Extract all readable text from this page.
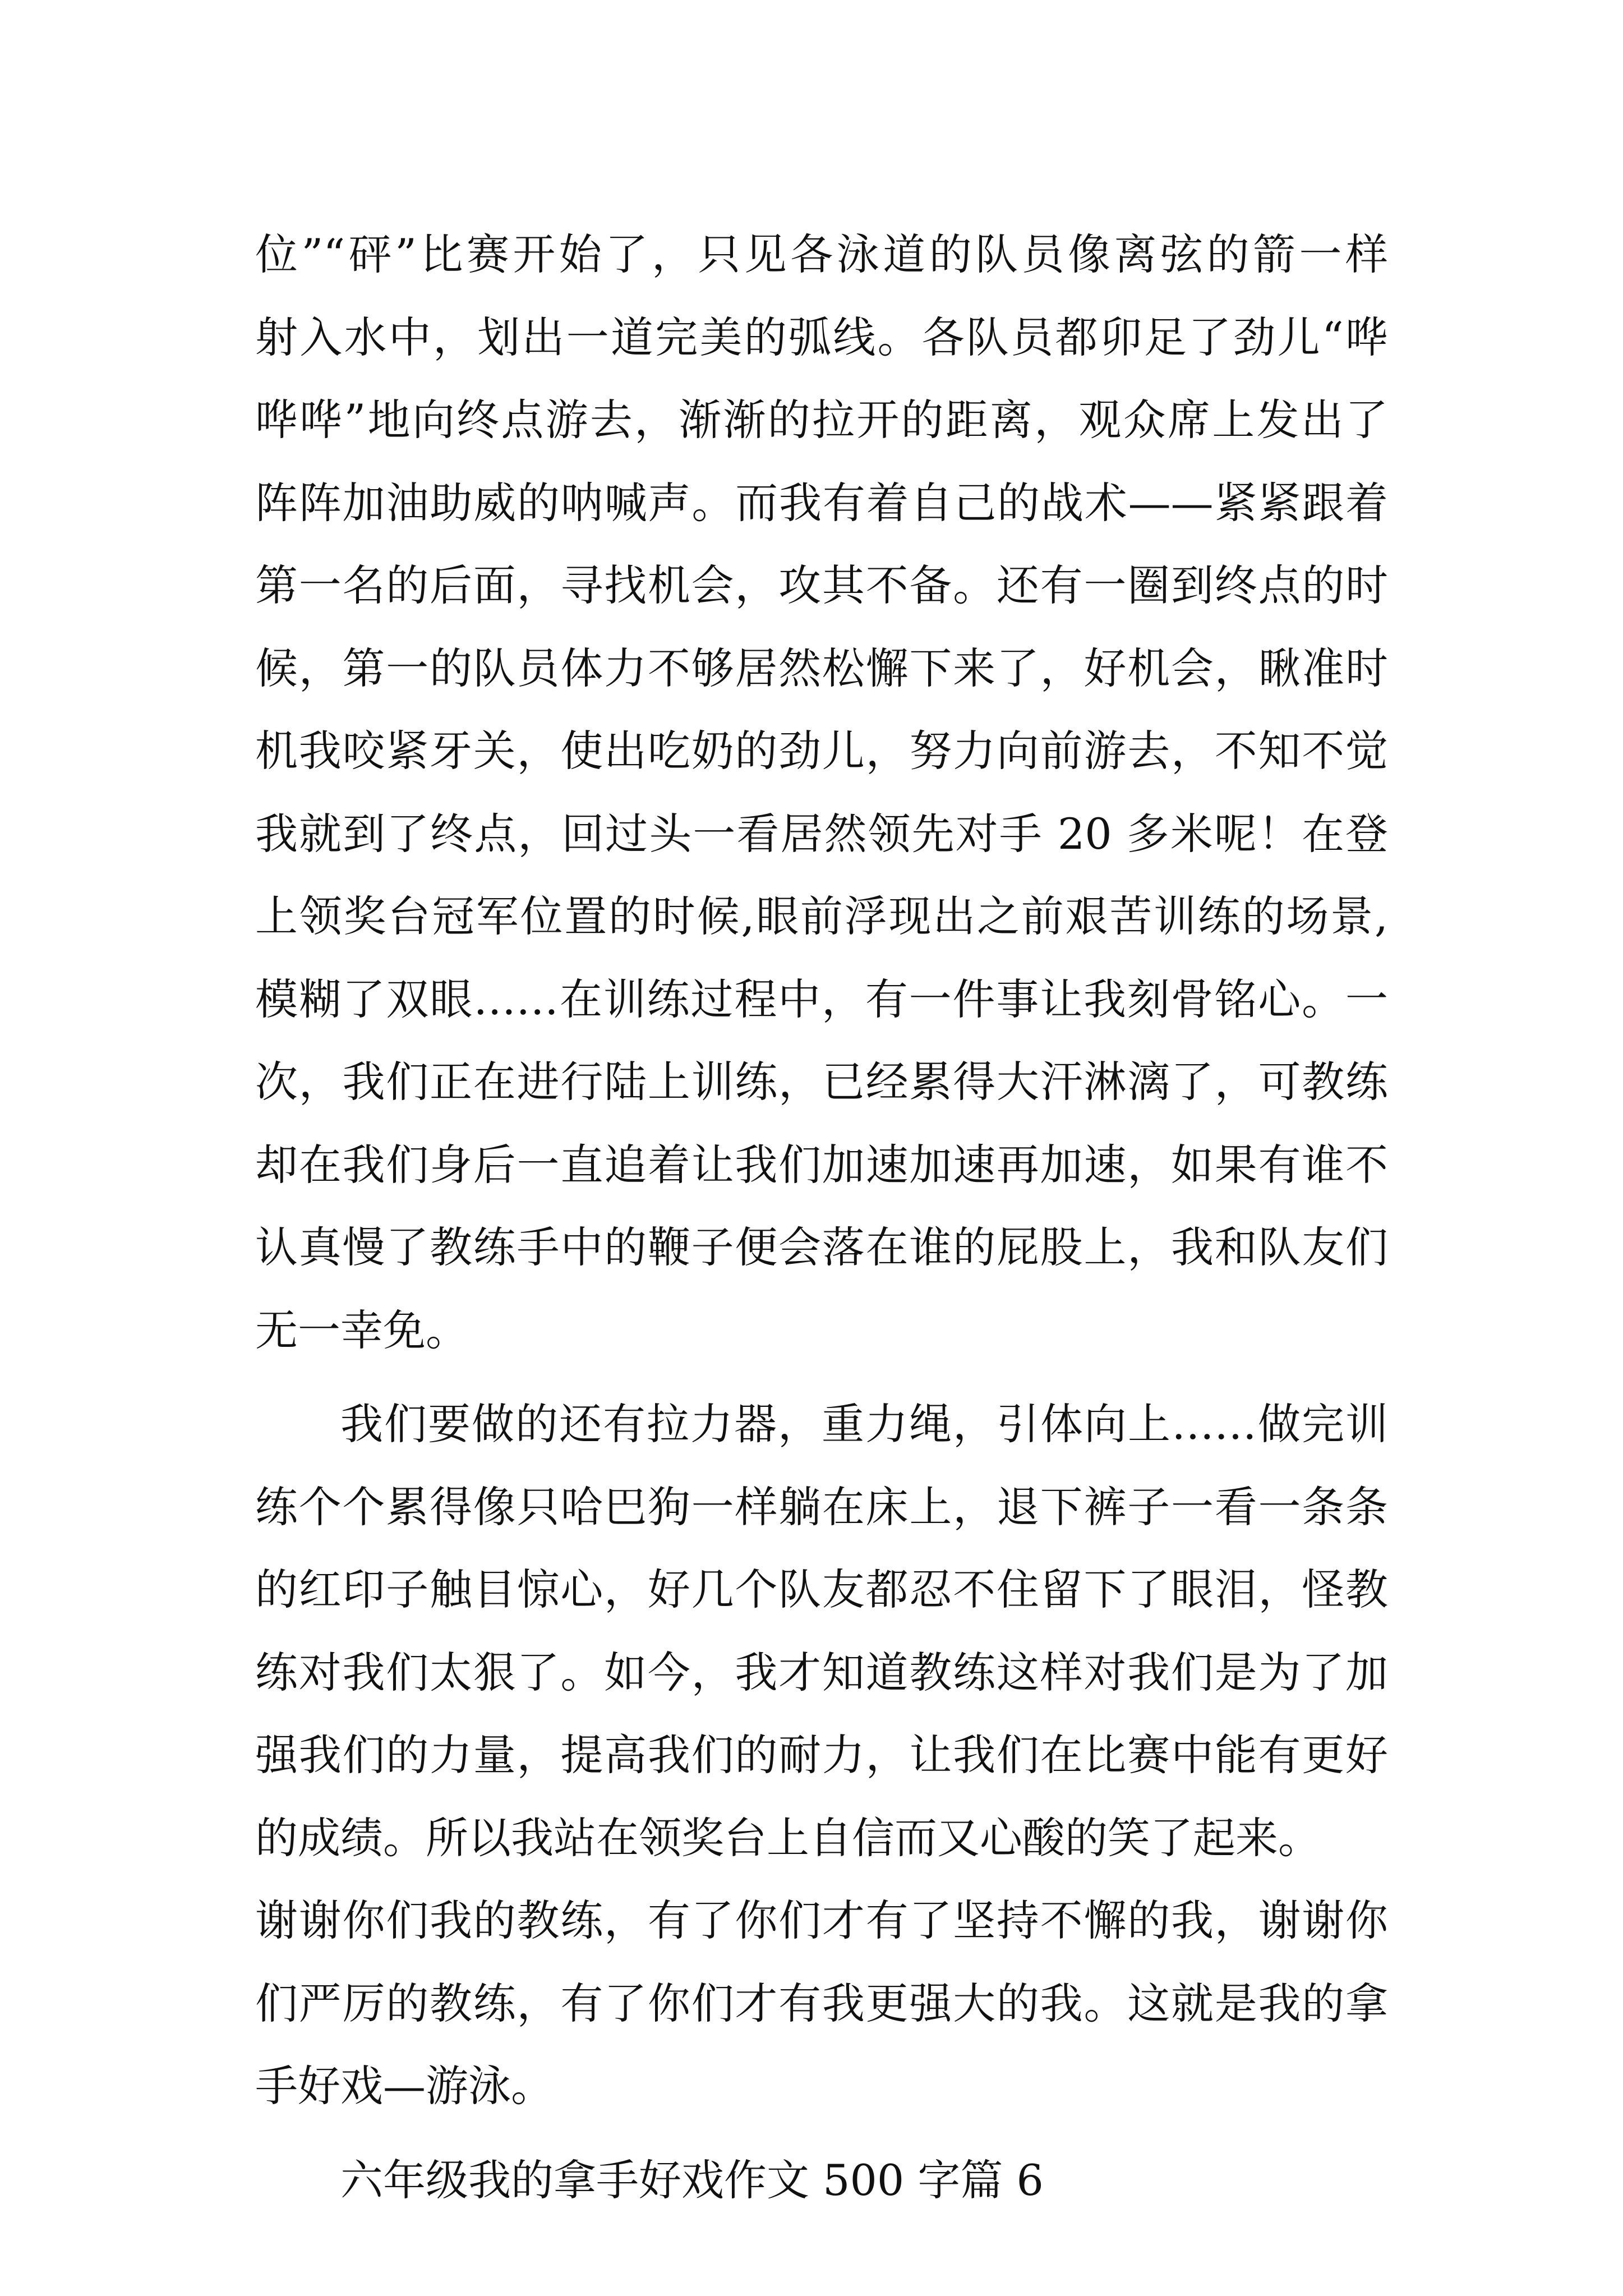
位”“砰”比赛开始了，只见各泳道的队员像离弦的箭一样
射入水中，划出一道完美的弧线。各队员都卯足了劲儿“哗
哗哗”地向终点游去，渐渐的拉开的距离，观众席上发出了
阵阵加油助威的呐喊声。而我有着自己的战术——紧紧跟着
第一名的后面，寻找机会，攻其不备。还有一圈到终点的时
候，第一的队员体力不够居然松懈下来了，好机会，瞅准时
机我咬紧牙关，使出吃奶的劲儿，努力向前游去，不知不觉
我就到了终点，回过头一看居然领先对手 20 多米呢！在登
上领奖台冠军位置的时候,眼前浮现出之前艰苦训练的场景,
模糊了双眼……在训练过程中，有一件事让我刻骨铭心。一
次，我们正在进行陆上训练，已经累得大汗淋漓了，可教练
却在我们身后一直追着让我们加速加速再加速，如果有谁不
认真慢了教练手中的鞭子便会落在谁的屁股上，我和队友们
无一幸免。
我们要做的还有拉力器，重力绳，引体向上……做完训
练个个累得像只哈巴狗一样躺在床上，退下裤子一看一条条
的红印子触目惊心，好几个队友都忍不住留下了眼泪，怪教
练对我们太狠了。如今，我才知道教练这样对我们是为了加
强我们的力量，提高我们的耐力，让我们在比赛中能有更好
的成绩。所以我站在领奖台上自信而又心酸的笑了起来。
谢谢你们我的教练，有了你们才有了坚持不懈的我，谢谢你
们严厉的教练，有了你们才有我更强大的我。这就是我的拿
手好戏—游泳。
六年级我的拿手好戏作文 500 字篇 6
